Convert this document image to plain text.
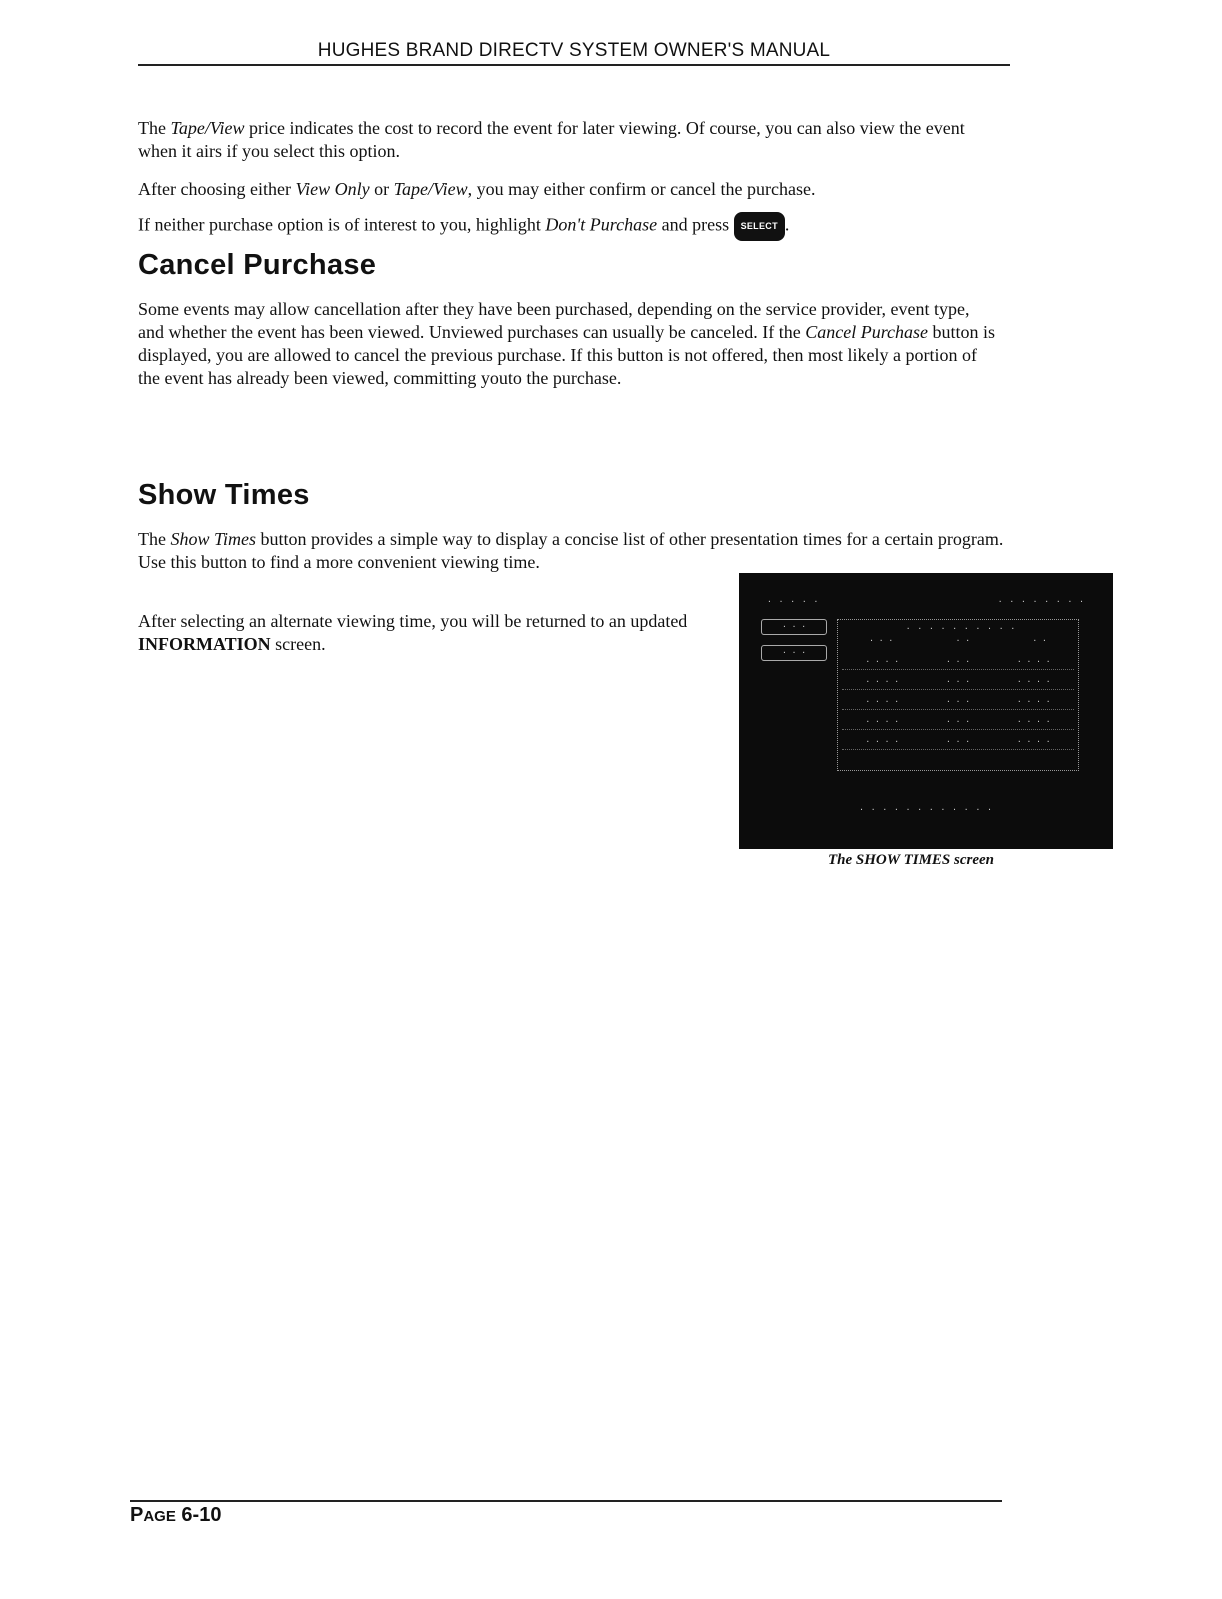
HUGHES BRAND DIRECTV SYSTEM OWNER'S MANUAL

The Tape/View price indicates the cost to record the event for later viewing. Of course, you can also view the event when it airs if you select this option.

After choosing either View Only or Tape/View, you may either confirm or cancel the purchase.

If neither purchase option is of interest to you, highlight Don't Purchase and press SELECT .

Cancel Purchase

Some events may allow cancellation after they have been purchased, depending on the service provider, event type, and whether the event has been viewed. Unviewed purchases can usually be canceled. If the Cancel Purchase button is displayed, you are allowed to cancel the previous purchase. If this button is not offered, then most likely a portion of the event has already been viewed, committing youto the purchase.

Show Times

The Show Times button provides a simple way to display a concise list of other presentation times for a certain program. Use this button to find a more convenient viewing time.

After selecting an alternate viewing time, you will be returned to an updated INFORMATION screen.

· · · · ·	· · · · · · · ·
· · ·
· · ·
· · · · · · · · · ·
· · ·	· ·	· ·
· · · ·	· · ·	· · · ·
· · · ·	· · ·	· · · ·
· · · ·	· · ·	· · · ·
· · · ·	· · ·	· · · ·
· · · ·	· · ·	· · · ·
· · · · · · · · · · · ·
The SHOW TIMES screen
PAGE 6-10
